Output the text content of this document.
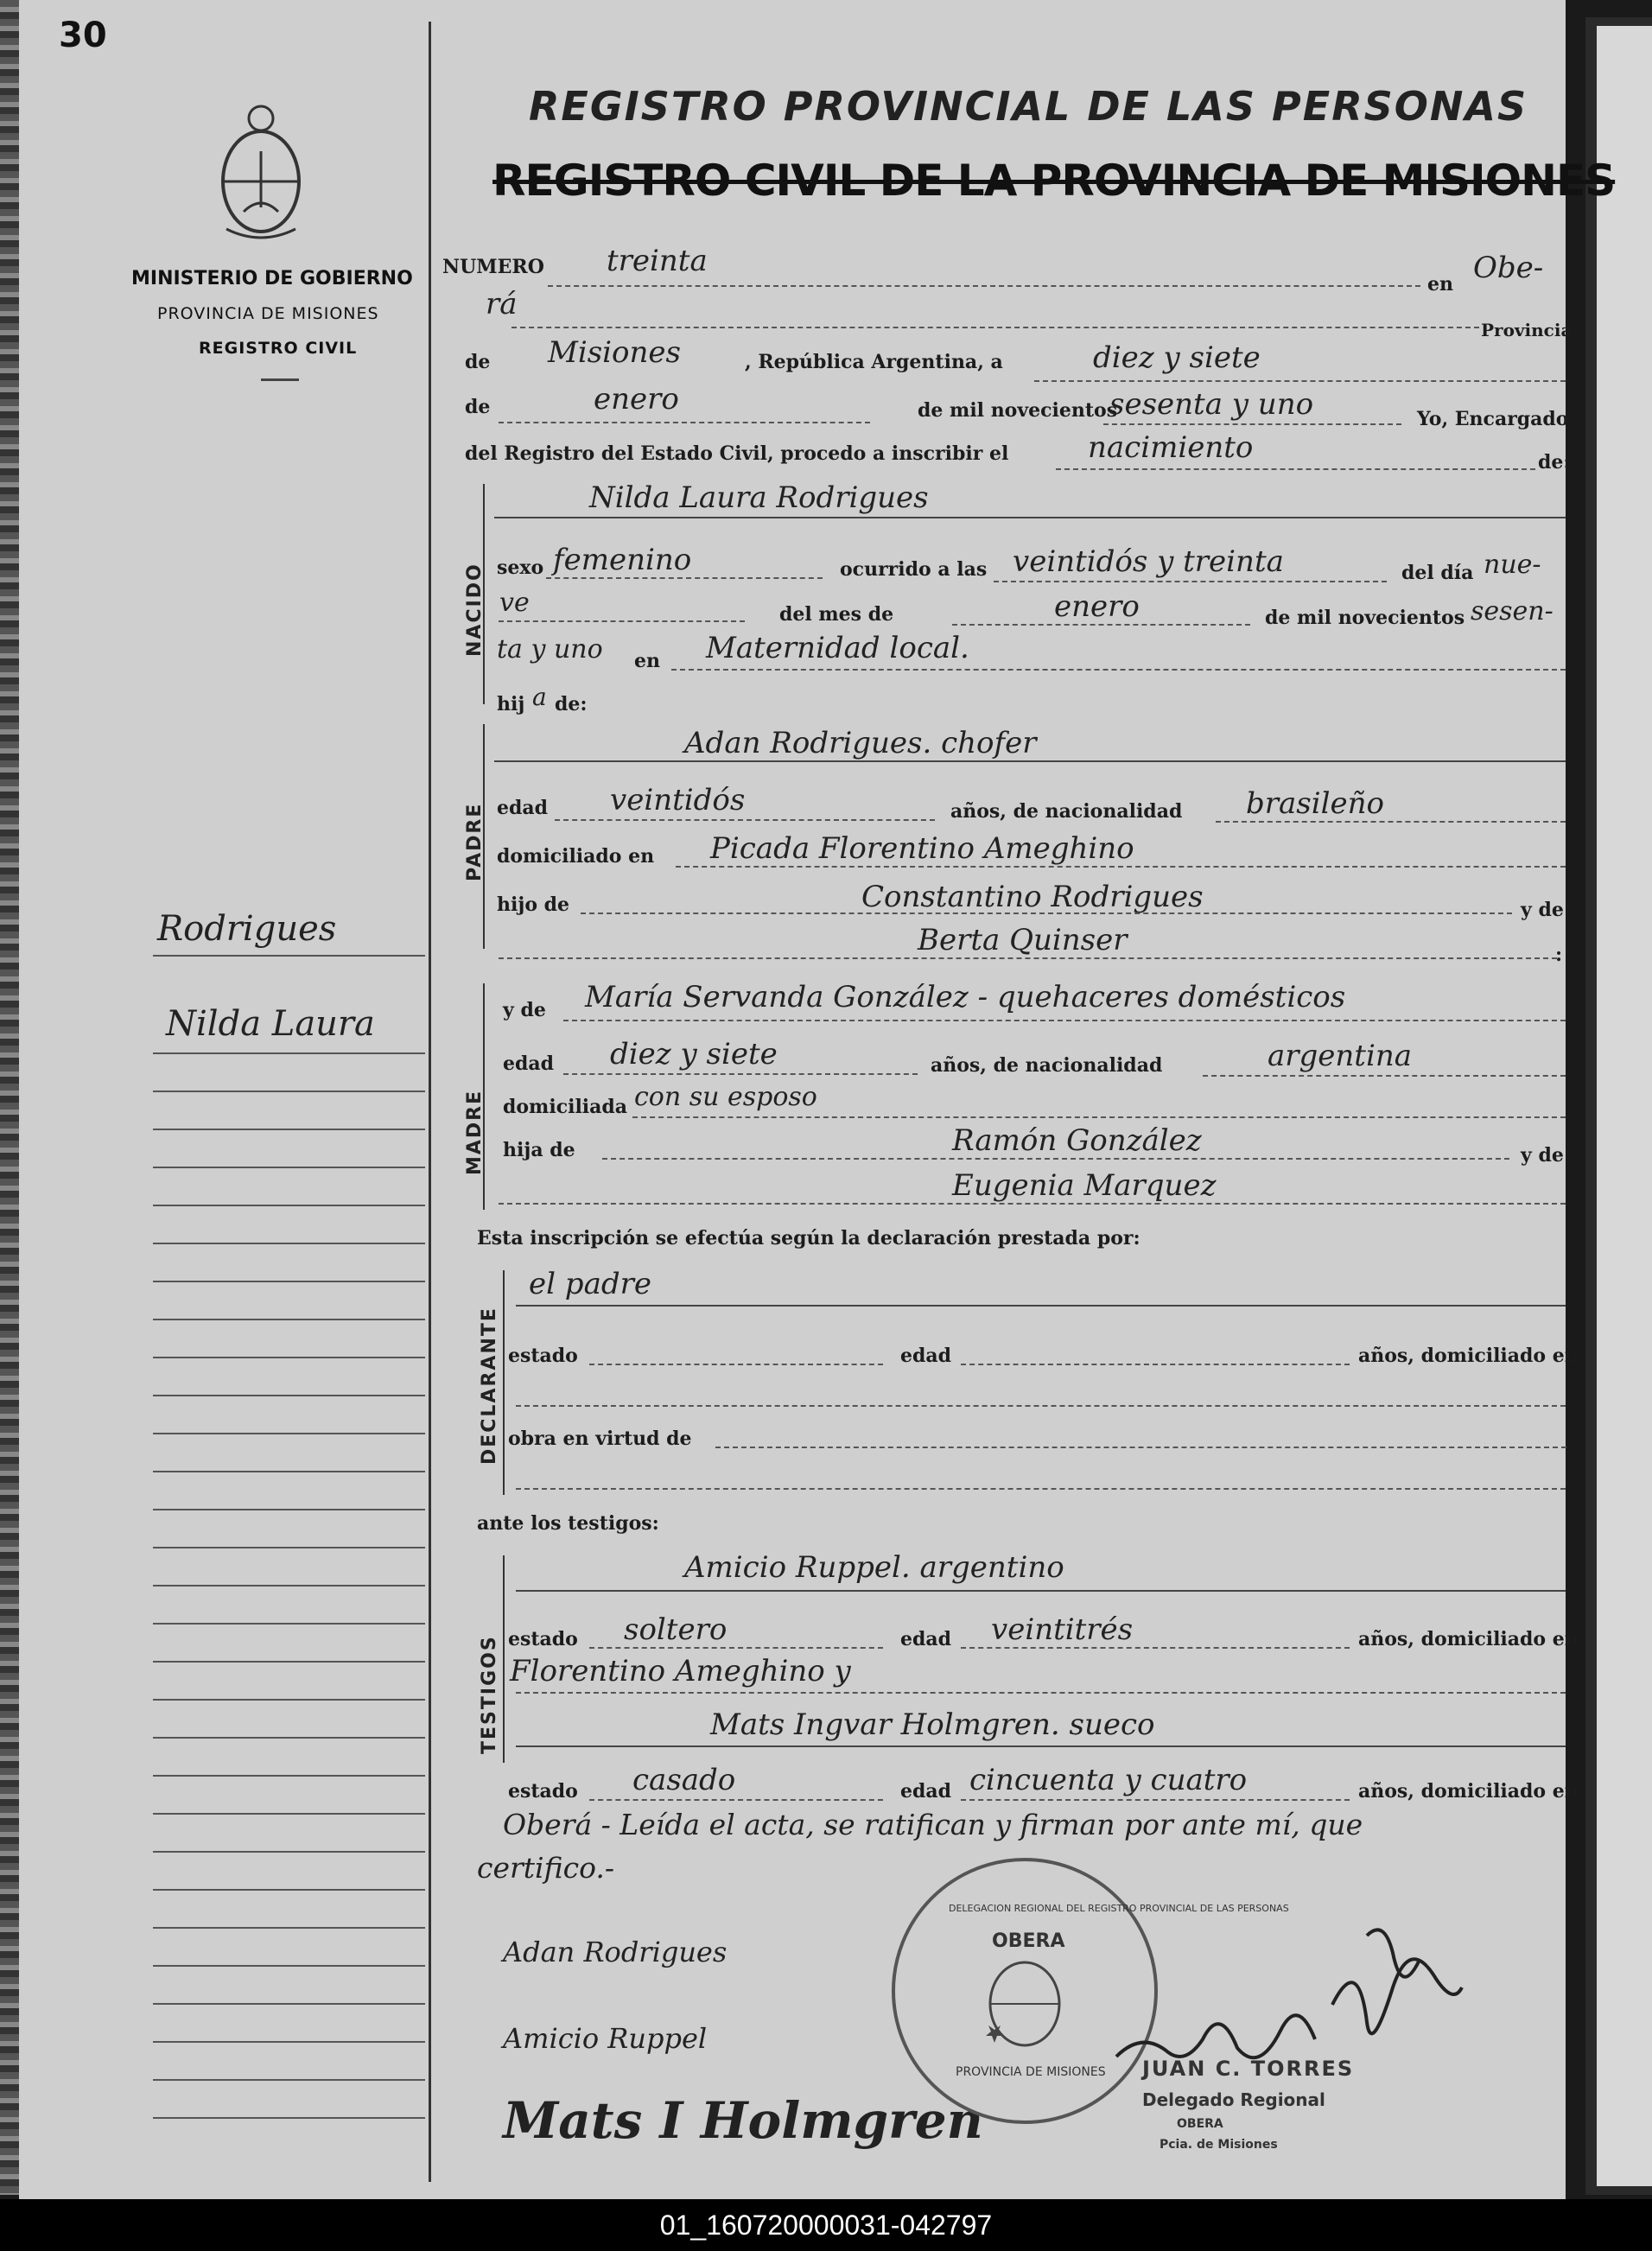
30
MINISTERIO DE GOBIERNO
PROVINCIA DE MISIONES
REGISTRO CIVIL
Rodrigues
Nilda Laura
REGISTRO PROVINCIAL DE LAS PERSONAS
REGISTRO CIVIL DE LA PROVINCIA DE MISIONES
NUMERO treinta
en Obe-
rá
Provincia
de Misiones	, República Argentina, a	diez y siete
de	enero	de mil novecientos
sesenta y uno	Yo, Encargado
del Registro del Estado Civil, procedo a inscribir el	nacimiento	de:
NACIDO
Nilda Laura Rodrigues
sexo femenino	ocurrido a las veintidós y treinta	del día nue-
ve	del mes de	enero	de mil novecientos sesen-
ta y uno en Maternidad local.
hij a de:
PADRE
Adan Rodrigues. chofer
edad veintidós	años, de nacionalidad brasileño
domiciliado en Picada Florentino Ameghino
hijo de	Constantino Rodrigues	y de
Berta Quinser	:
MADRE
y de María Servanda González - quehaceres domésticos
edad diez y siete	años, de nacionalidad	argentina
domiciliada con su esposo
hija de	Ramón González	y de
Eugenia Marquez
Esta inscripción se efectúa según la declaración prestada por:
DECLARANTE
el padre
estado	edad	años, domiciliado en
obra en virtud de
ante los testigos:
TESTIGOS
Amicio Ruppel. argentino
estado soltero	edad veintitrés	años, domiciliado en
Florentino Ameghino y
Mats Ingvar Holmgren. sueco
estado casado	edad cincuenta y cuatro	años, domiciliado en
Oberá - Leída el acta, se ratifican y firman por ante mí, que
certifico.-
Adan Rodrigues
Amicio Ruppel
Mats I Holmgren
DELEGACION REGIONAL DEL REGISTRO PROVINCIAL DE LAS PERSONAS
OBERA
PROVINCIA DE MISIONES JUAN C. TORRES
Delegado Regional
OBERA
Pcia. de Misiones
01_160720000031-042797
